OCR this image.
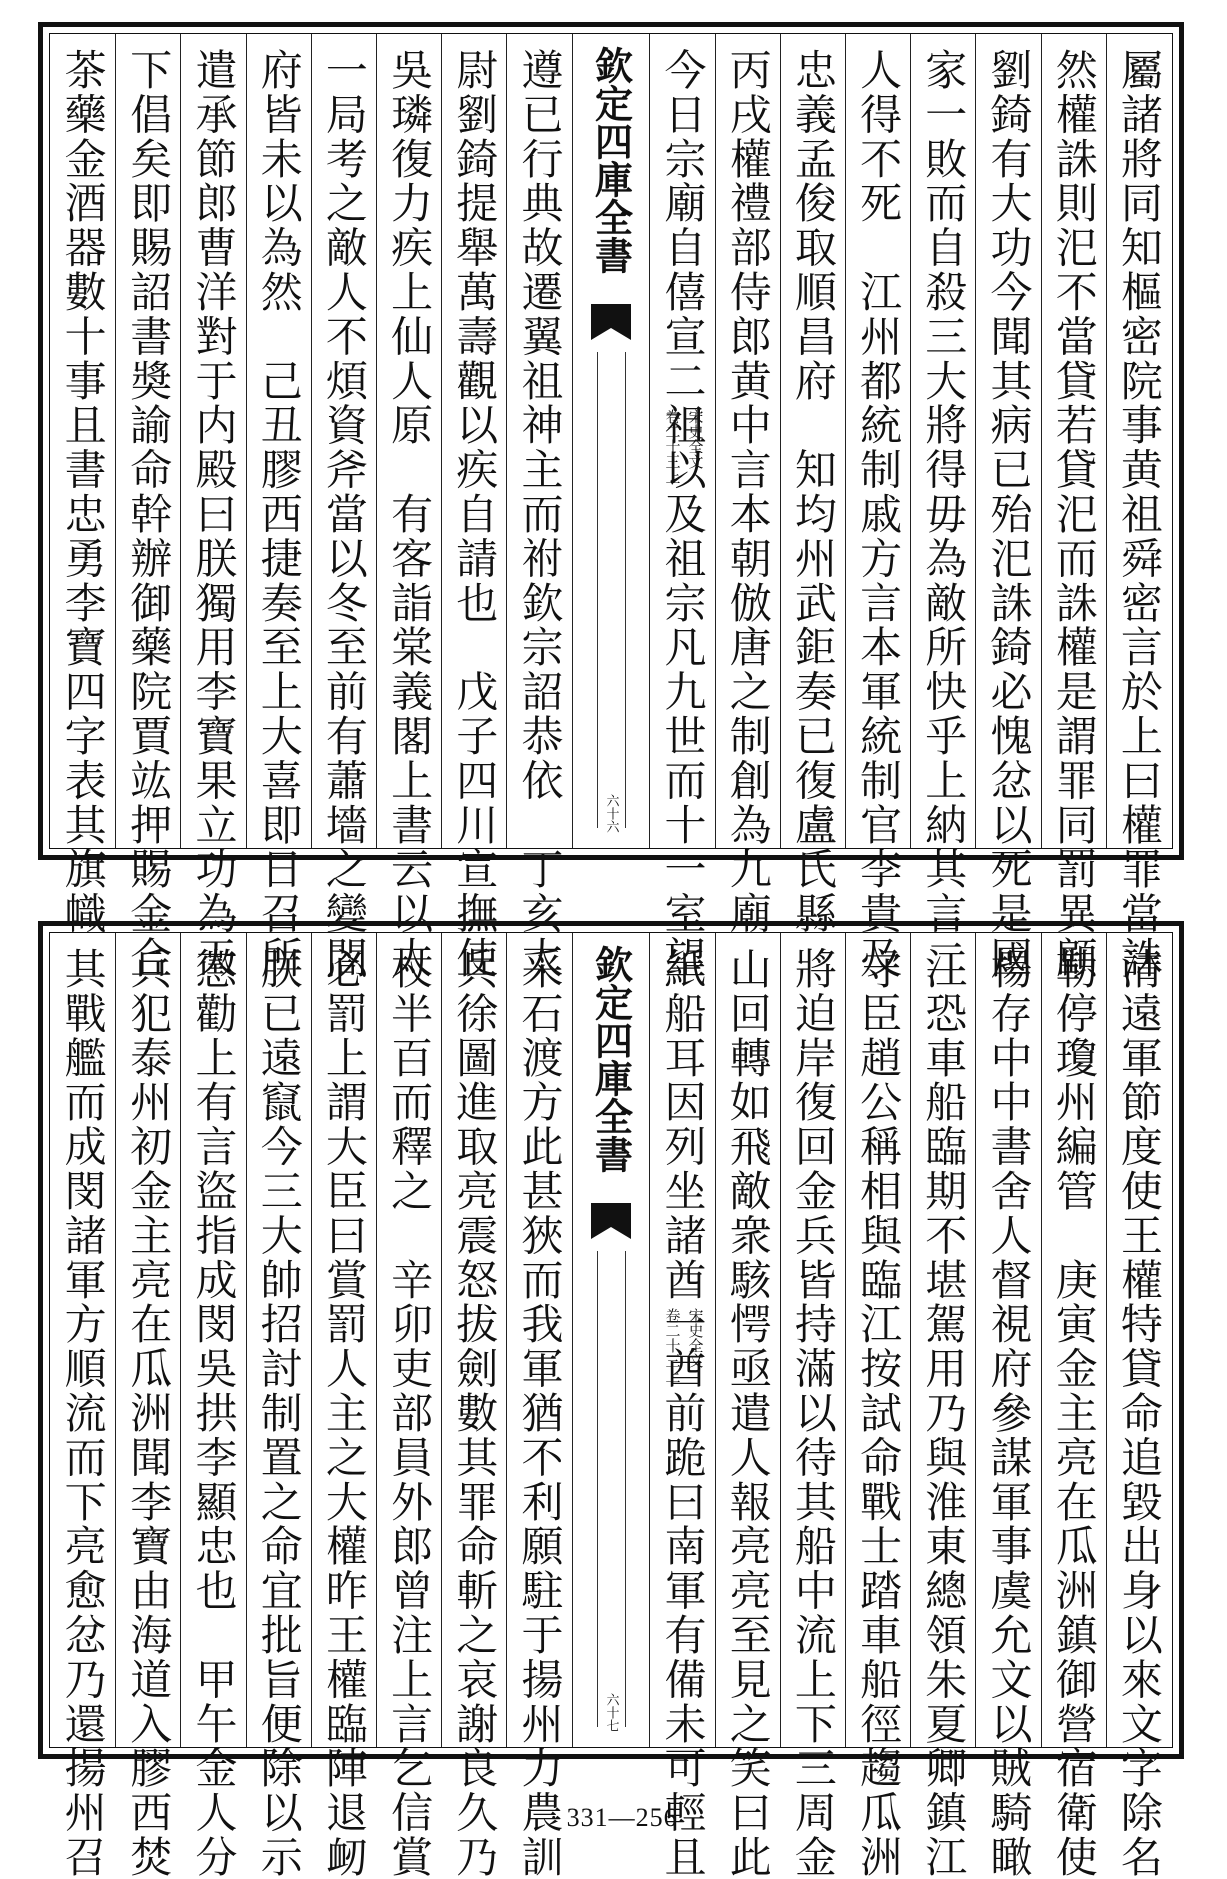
茶藥金酒器數十事且書忠勇李寶四字表其旗幟 下倡矣即賜詔書奬諭命幹辦御藥院賈竑押賜金合 遣承節郎曹洋對于内殿曰朕獨用李寶果立功為天 府皆未以為然　己丑膠西捷奏至上大喜即日召所 一局考之敵人不煩資斧當以冬至前有蕭墻之變閤 吳璘復力疾上仙人原　有客詣棠義閣上書云以太 尉劉錡提舉萬壽觀以疾自請也　戊子四川宣撫使 遵已行典故遷翼祖神主而祔欽宗詔恭依　丁亥太 欽定四庫全書
宋史全文
卷二十三上
六十六 今日宗廟自僖宣二祖以及祖宗凡九世而十一室望 丙戌權禮部侍郎黄中言本朝倣唐之制創為九廟 忠義孟俊取順昌府　知均州武鉅奏已復盧氏縣 人得不死　江州都統制戚方言本軍統制官李貴及 家一敗而自殺三大將得毋為敵所快乎上納其言二 劉錡有大功今聞其病已殆汜誅錡必愧忿以死是國 然權誅則汜不當貸若貸汜而誅權是謂罪同罰異顧 屬諸將同知樞密院事黄祖舜密言於上曰權罪當誅
其戰艦而成閔諸軍方順流而下亮愈忿乃還揚州召 兵犯泰州初金主亮在瓜洲聞李寶由海道入膠西焚 懲勸上有言盜指成閔吳拱李顯忠也　甲午金人分 朕已遠竄今三大帥招討制置之命宜批旨便除以示 必罰上謂大臣曰賞罰人主之大權昨王權臨陣退衂 杖半百而釋之　辛卯吏部員外郎曾注上言乞信賞 兵徐圖進取亮震怒拔劍數其罪命斬之哀謝良久乃 采石渡方此甚狹而我軍猶不利願駐于揚州力農訓 欽定四庫全書
宋史全文
卷二十三上
六十七 紙船耳因列坐諸酋一酋前跪曰南軍有備未可輕且 山回轉如飛敵衆駭愕亟遣人報亮亮至見之笑曰此 將迫岸復回金兵皆持滿以待其船中流上下三周金 守臣趙公稱相與臨江按試命戰士踏車船徑趨瓜洲 江恐車船臨期不堪駕用乃與淮東總領朱夏卿鎮江 楊存中中書舍人督視府參謀軍事虞允文以賊騎瞰 勒停瓊州編管　庚寅金主亮在瓜洲鎮御營宿衛使 清遠軍節度使王權特貸命追毀出身以來文字除名
· 331—256
